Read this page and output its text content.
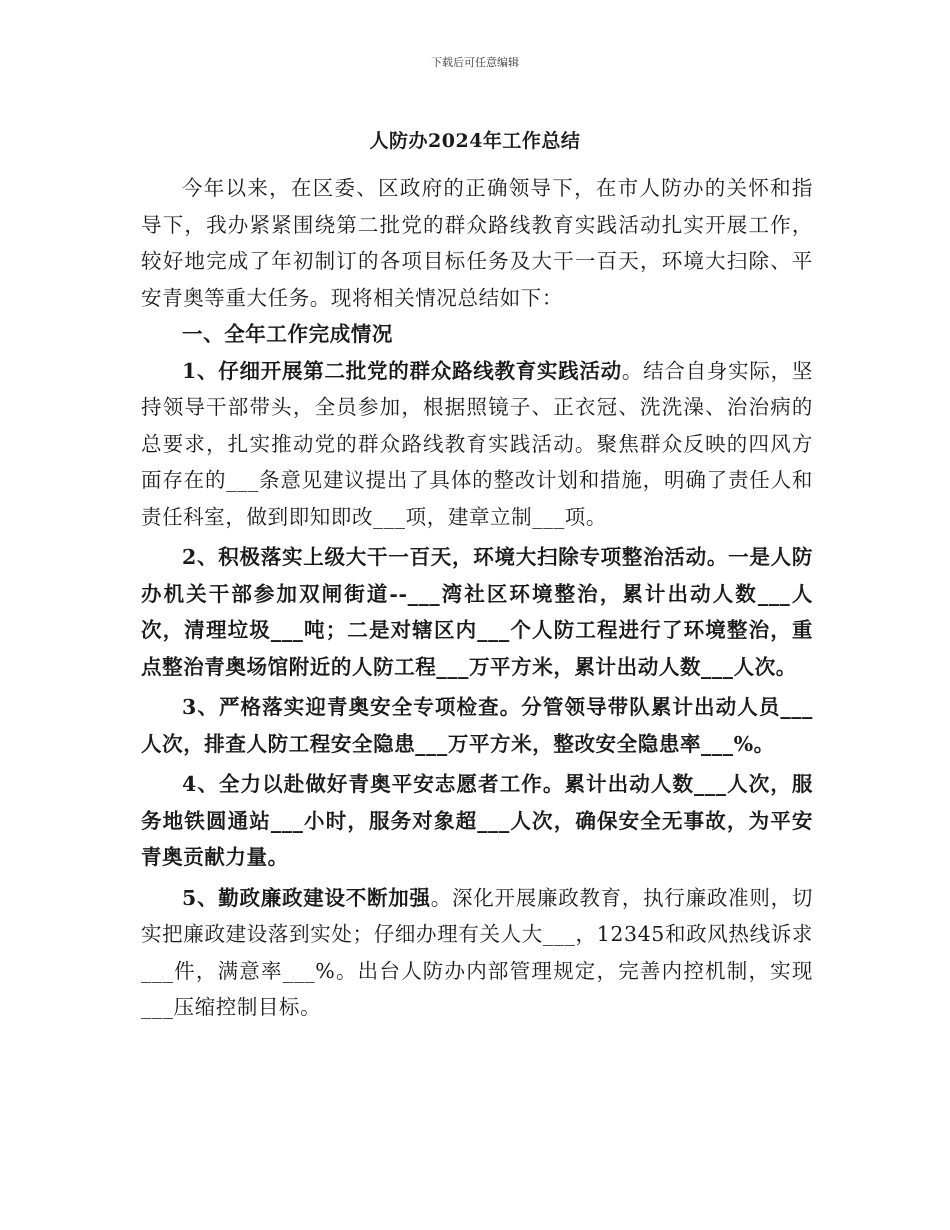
下载后可任意编辑
人防办2024年工作总结

今年以来，在区委、区政府的正确领导下，在市人防办的关怀和指导下，我办紧紧围绕第二批党的群众路线教育实践活动扎实开展工作，较好地完成了年初制订的各项目标任务及大干一百天，环境大扫除、平安青奥等重大任务。现将相关情况总结如下：

一、全年工作完成情况

1、仔细开展第二批党的群众路线教育实践活动。结合自身实际，坚持领导干部带头，全员参加，根据照镜子、正衣冠、洗洗澡、治治病的总要求，扎实推动党的群众路线教育实践活动。聚焦群众反映的四风方面存在的___条意见建议提出了具体的整改计划和措施，明确了责任人和责任科室，做到即知即改___项，建章立制___项。

2、积极落实上级大干一百天，环境大扫除专项整治活动。一是人防办机关干部参加双闸街道--___湾社区环境整治，累计出动人数___人次，清理垃圾___吨；二是对辖区内___个人防工程进行了环境整治，重点整治青奥场馆附近的人防工程___万平方米，累计出动人数___人次。

3、严格落实迎青奥安全专项检查。分管领导带队累计出动人员___人次，排查人防工程安全隐患___万平方米，整改安全隐患率___%。

4、全力以赴做好青奥平安志愿者工作。累计出动人数___人次，服务地铁圆通站___小时，服务对象超___人次，确保安全无事故，为平安青奥贡献力量。

5、勤政廉政建设不断加强。深化开展廉政教育，执行廉政准则，切实把廉政建设落到实处；仔细办理有关人大___，12345和政风热线诉求___件，满意率___%。出台人防办内部管理规定，完善内控机制，实现___压缩控制目标。
